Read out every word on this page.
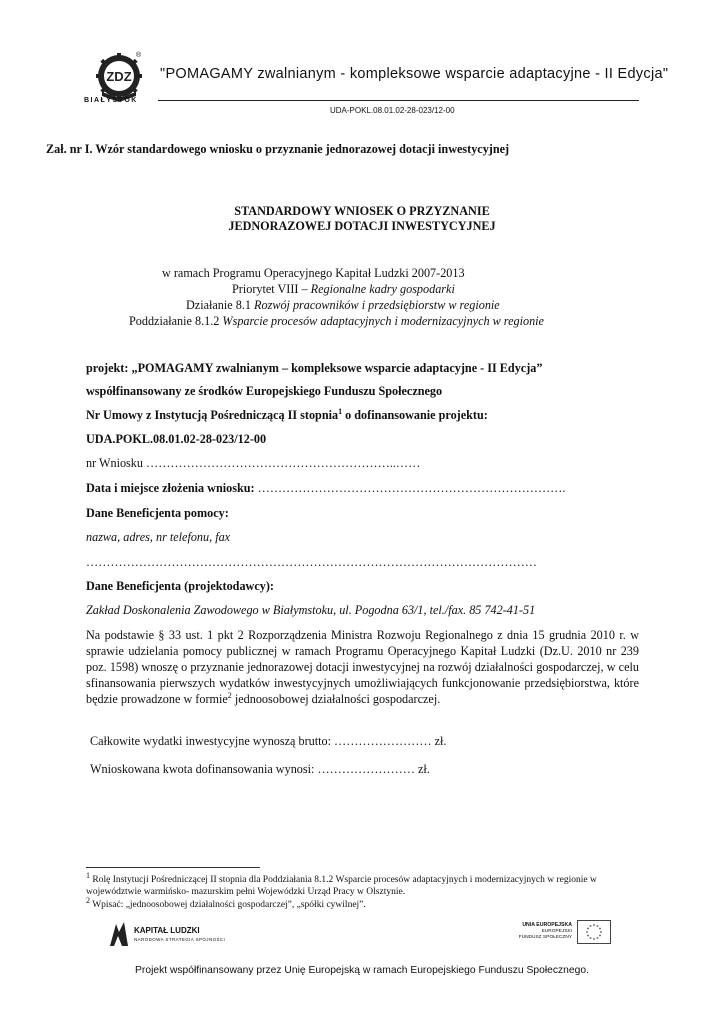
ZDZ
®
BIAŁYSTOK
"POMAGAMY zwalnianym - kompleksowe wsparcie adaptacyjne - II Edycja"
UDA-POKL.08.01.02-28-023/12-00
Zał. nr I. Wzór standardowego wniosku o przyznanie jednorazowej dotacji inwestycyjnej
STANDARDOWY WNIOSEK O PRZYZNANIE
JEDNORAZOWEJ DOTACJI INWESTYCYJNEJ
w ramach Programu Operacyjnego Kapitał Ludzki 2007-2013
Priorytet VIII – Regionalne kadry gospodarki
Działanie 8.1 Rozwój pracowników i przedsiębiorstw w regionie
Poddziałanie 8.1.2 Wsparcie procesów adaptacyjnych i modernizacyjnych w regionie
projekt: „POMAGAMY zwalnianym – kompleksowe wsparcie adaptacyjne - II Edycja”
współfinansowany ze środków Europejskiego Funduszu Społecznego
Nr Umowy z Instytucją Pośredniczącą II stopnia$^1$ o dofinansowanie projektu:
UDA.POKL.08.01.02-28-023/12-00
nr Wniosku ……………………………………………………..……
Data i miejsce złożenia wniosku: ………………………………………………………………….
Dane Beneficjenta pomocy:
nazwa, adres, nr telefonu, fax
…………………………………………………………………………………………………
Dane Beneficjenta (projektodawcy):
Zakład Doskonalenia Zawodowego w Białymstoku, ul. Pogodna 63/1, tel./fax. 85 742-41-51
Na podstawie § 33 ust. 1 pkt 2 Rozporządzenia Ministra Rozwoju Regionalnego z dnia 15 grudnia 2010 r. w sprawie udzielania pomocy publicznej w ramach Programu Operacyjnego Kapitał Ludzki (Dz.U. 2010 nr 239 poz. 1598) wnoszę o przyznanie jednorazowej dotacji inwestycyjnej na rozwój działalności gospodarczej, w celu sfinansowania pierwszych wydatków inwestycyjnych umożliwiających funkcjonowanie przedsiębiorstwa, które będzie prowadzone w formie$^2$ jednoosobowej działalności gospodarczej.
Całkowite wydatki inwestycyjne wynoszą brutto: …………………… zł.
Wnioskowana kwota dofinansowania wynosi: …………………… zł.
$^1$ Rolę Instytucji Pośredniczącej II stopnia dla Poddziałania 8.1.2 Wsparcie procesów adaptacyjnych i modernizacyjnych w regionie w województwie warmińsko- mazurskim pełni Wojewódzki Urząd Pracy w Olsztynie.
$^2$ Wpisać: „jednoosobowej działalności gospodarczej”, „spółki cywilnej”.
KAPITAŁ LUDZKI
NARODOWA STRATEGIA SPÓJNOŚCI
UNIA EUROPEJSKA
EUROPEJSKI
FUNDUSZ SPOŁECZNY
Projekt współfinansowany przez Unię Europejską w ramach Europejskiego Funduszu Społecznego.
